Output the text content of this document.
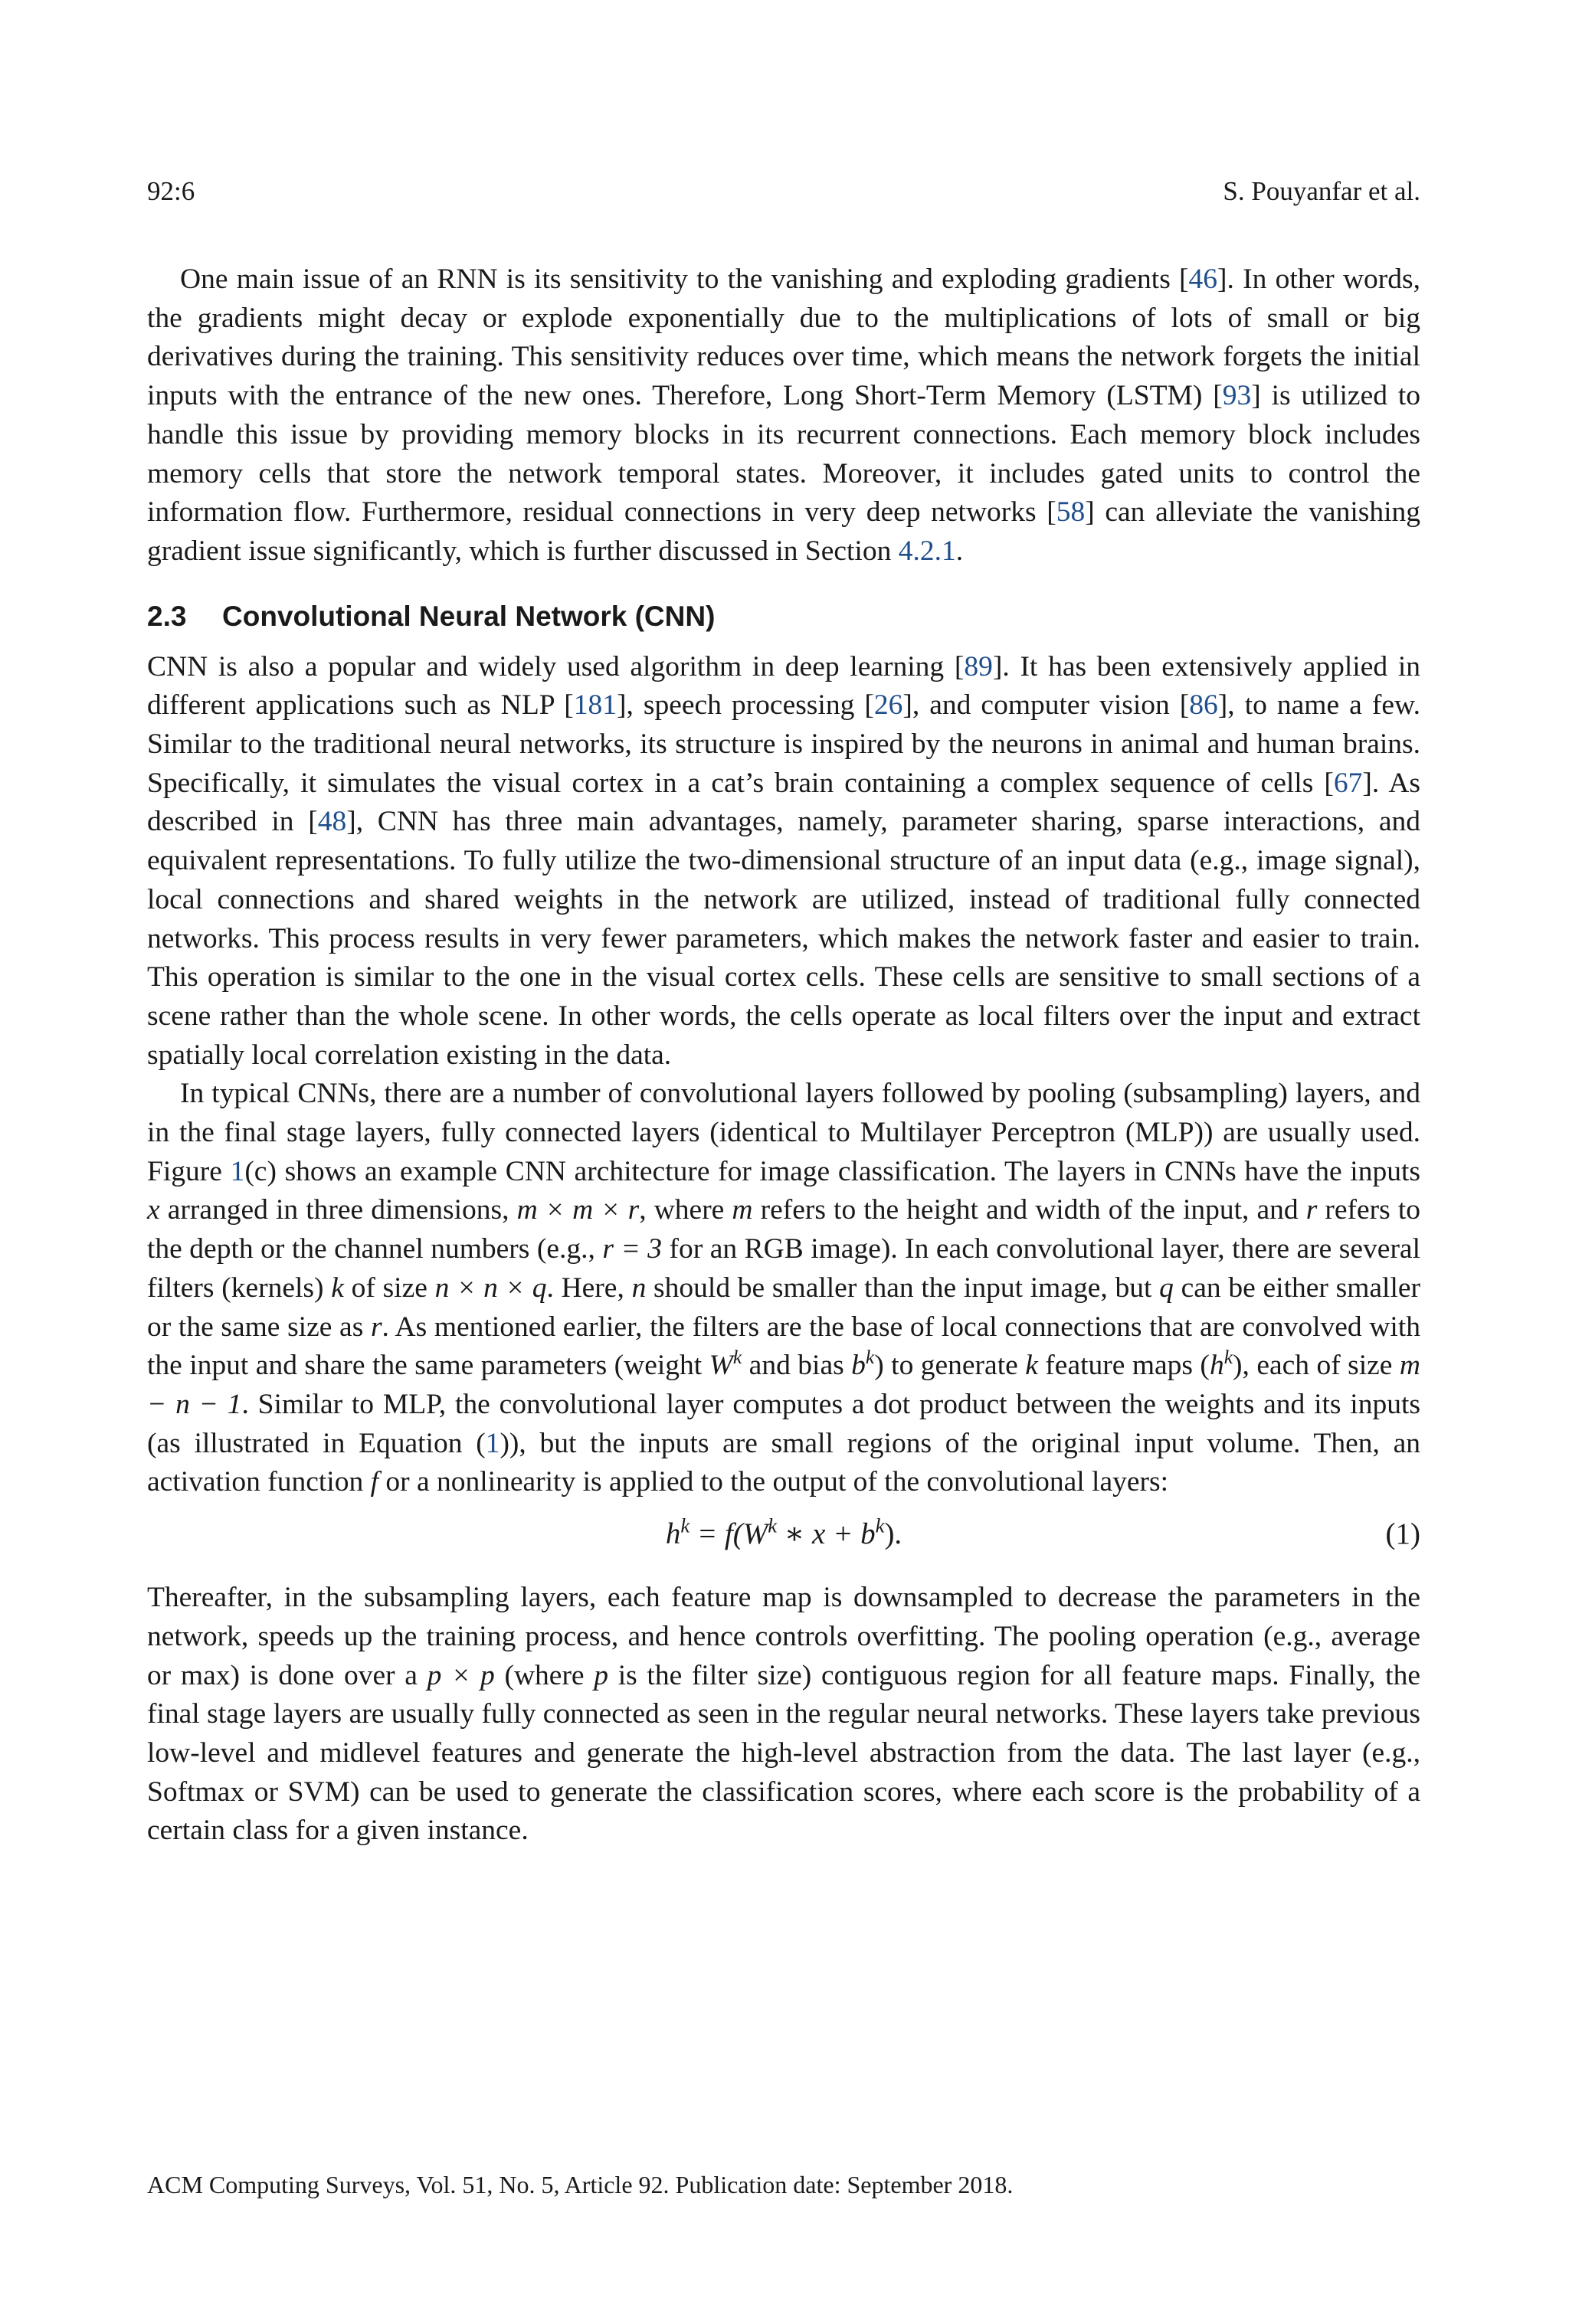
92:6	S. Pouyanfar et al.

One main issue of an RNN is its sensitivity to the vanishing and exploding gradients [46]. In other words, the gradients might decay or explode exponentially due to the multiplications of lots of small or big derivatives during the training. This sensitivity reduces over time, which means the network forgets the initial inputs with the entrance of the new ones. Therefore, Long Short-Term Memory (LSTM) [93] is utilized to handle this issue by providing memory blocks in its recurrent connections. Each memory block includes memory cells that store the network temporal states. Moreover, it includes gated units to control the information flow. Furthermore, residual connections in very deep networks [58] can alleviate the vanishing gradient issue significantly, which is further discussed in Section 4.2.1.

2.3 Convolutional Neural Network (CNN)

CNN is also a popular and widely used algorithm in deep learning [89]. It has been extensively applied in different applications such as NLP [181], speech processing [26], and computer vision [86], to name a few. Similar to the traditional neural networks, its structure is inspired by the neurons in animal and human brains. Specifically, it simulates the visual cortex in a cat’s brain containing a complex sequence of cells [67]. As described in [48], CNN has three main advantages, namely, parameter sharing, sparse interactions, and equivalent representations. To fully utilize the two-dimensional structure of an input data (e.g., image signal), local connections and shared weights in the network are utilized, instead of traditional fully connected networks. This process results in very fewer parameters, which makes the network faster and easier to train. This operation is similar to the one in the visual cortex cells. These cells are sensitive to small sections of a scene rather than the whole scene. In other words, the cells operate as local filters over the input and extract spatially local correlation existing in the data.

In typical CNNs, there are a number of convolutional layers followed by pooling (subsampling) layers, and in the final stage layers, fully connected layers (identical to Multilayer Perceptron (MLP)) are usually used. Figure 1(c) shows an example CNN architecture for image classification. The layers in CNNs have the inputs x arranged in three dimensions, m × m × r, where m refers to the height and width of the input, and r refers to the depth or the channel numbers (e.g., r = 3 for an RGB image). In each convolutional layer, there are several filters (kernels) k of size n × n × q. Here, n should be smaller than the input image, but q can be either smaller or the same size as r. As mentioned earlier, the filters are the base of local connections that are convolved with the input and share the same parameters (weight $W^k$ and bias $b^k$) to generate k feature maps $(h^k)$, each of size m − n − 1. Similar to MLP, the convolutional layer computes a dot product between the weights and its inputs (as illustrated in Equation (1)), but the inputs are small regions of the original input volume. Then, an activation function f or a nonlinearity is applied to the output of the convolutional layers:

$h^k = f(W^k$ ∗ $x + b^k$).	(1)

Thereafter, in the subsampling layers, each feature map is downsampled to decrease the parameters in the network, speeds up the training process, and hence controls overfitting. The pooling operation (e.g., average or max) is done over a p × p (where p is the filter size) contiguous region for all feature maps. Finally, the final stage layers are usually fully connected as seen in the regular neural networks. These layers take previous low-level and midlevel features and generate the high-level abstraction from the data. The last layer (e.g., Softmax or SVM) can be used to generate the classification scores, where each score is the probability of a certain class for a given instance.

ACM Computing Surveys, Vol. 51, No. 5, Article 92. Publication date: September 2018.
